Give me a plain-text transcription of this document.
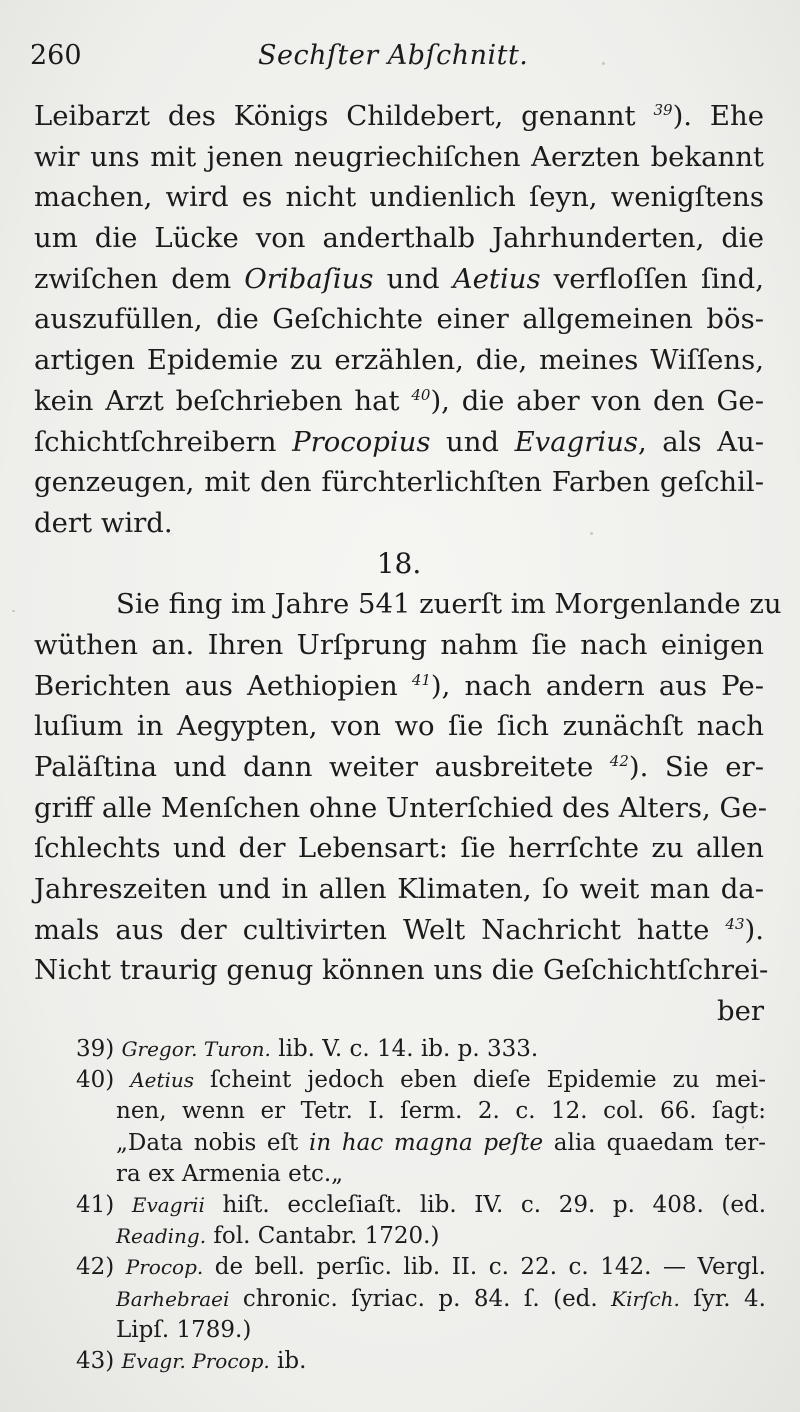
260	Sechſter Abſchnitt.
Leibarzt des Königs Childebert, genannt $^{39}$). Ehe
wir uns mit jenen neugriechiſchen Aerzten bekannt
machen, wird es nicht undienlich ſeyn, wenigſtens
um die Lücke von anderthalb Jahrhunderten, die
zwiſchen dem Oribaſius und Aetius verfloſſen ſind,
auszufüllen, die Geſchichte einer allgemeinen bös-
artigen Epidemie zu erzählen, die, meines Wiſſens,
kein Arzt beſchrieben hat $^{40}$), die aber von den Ge-
ſchichtſchreibern Procopius und Evagrius, als Au-
genzeugen, mit den fürchterlichſten Farben geſchil-
dert wird.
18.
Sie fing im Jahre 541 zuerſt im Morgenlande zu
wüthen an. Ihren Urſprung nahm ſie nach einigen
Berichten aus Aethiopien $^{41}$), nach andern aus Pe-
luſium in Aegypten, von wo ſie ſich zunächſt nach
Paläſtina und dann weiter ausbreitete $^{42}$). Sie er-
griff alle Menſchen ohne Unterſchied des Alters, Ge-
ſchlechts und der Lebensart: ſie herrſchte zu allen
Jahreszeiten und in allen Klimaten, ſo weit man da-
mals aus der cultivirten Welt Nachricht hatte $^{43}$).
Nicht traurig genug können uns die Geſchichtſchrei-
ber
39) Gregor. Turon. lib. V. c. 14. ib. p. 333.
40) Aetius ſcheint jedoch eben dieſe Epidemie zu mei-
nen, wenn er Tetr. I. ſerm. 2. c. 12. col. 66. ſagt:
„Data nobis eſt in hac magna peſte alia quaedam ter-
ra ex Armenia etc.„
41) Evagrii hiſt. eccleſiaſt. lib. IV. c. 29. p. 408. (ed.
Reading. fol. Cantabr. 1720.)
42) Procop. de bell. perſic. lib. II. c. 22. c. 142. — Vergl.
Barhebraei chronic. ſyriac. p. 84. ſ. (ed. Kirſch. ſyr. 4.
Lipſ. 1789.)
43) Evagr. Procop. ib.
